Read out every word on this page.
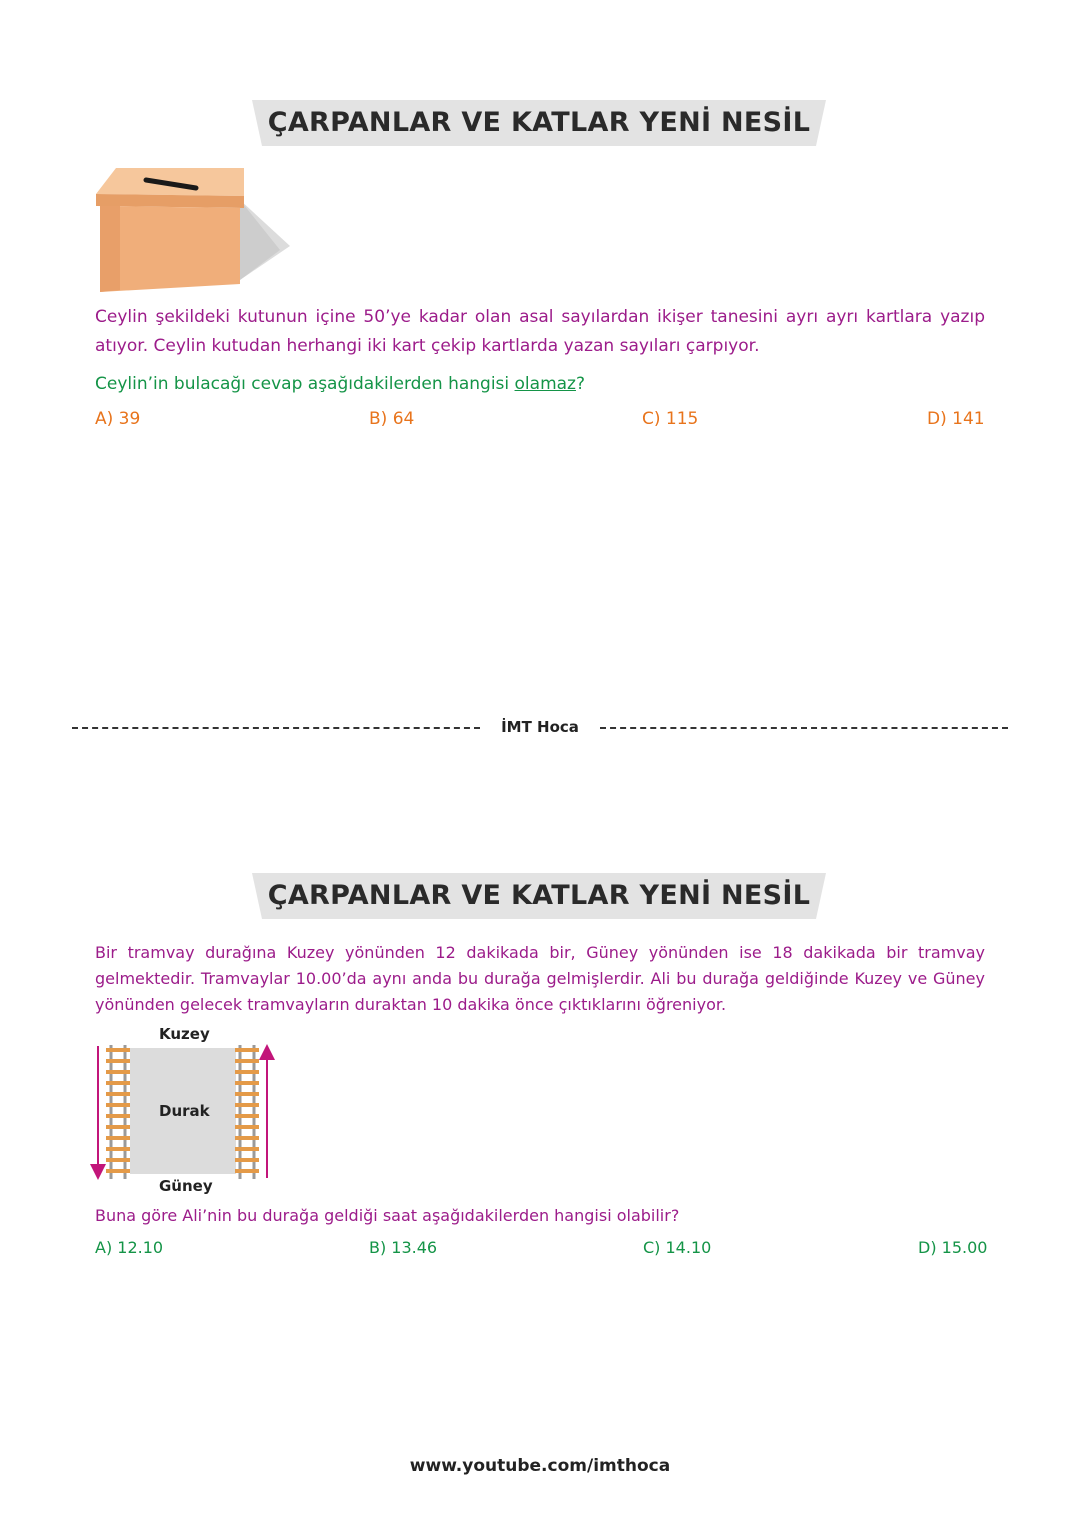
ÇARPANLAR VE KATLAR YENİ NESİL
Ceylin şekildeki kutunun içine 50’ye kadar olan asal sayılardan ikişer tanesini ayrı ayrı kartlara yazıp atıyor. Ceylin kutudan herhangi iki kart çekip kartlarda yazan sayıları çarpıyor.
Ceylin’in bulacağı cevap aşağıdakilerden hangisi olamaz?
A) 39	B) 64	C) 115	D) 141
İMT Hoca
ÇARPANLAR VE KATLAR YENİ NESİL
Bir tramvay durağına Kuzey yönünden 12 dakikada bir, Güney yönünden ise 18 dakikada bir tramvay gelmektedir. Tramvaylar 10.00’da aynı anda bu durağa gelmişlerdir. Ali bu durağa geldiğinde Kuzey ve Güney yönünden gelecek tramvayların duraktan 10 dakika önce çıktıklarını öğreniyor.
Kuzey
Güney
Durak
Buna göre Ali’nin bu durağa geldiği saat aşağıdakilerden hangisi olabilir?
A) 12.10	B) 13.46	C) 14.10	D) 15.00
www.youtube.com/imthoca
